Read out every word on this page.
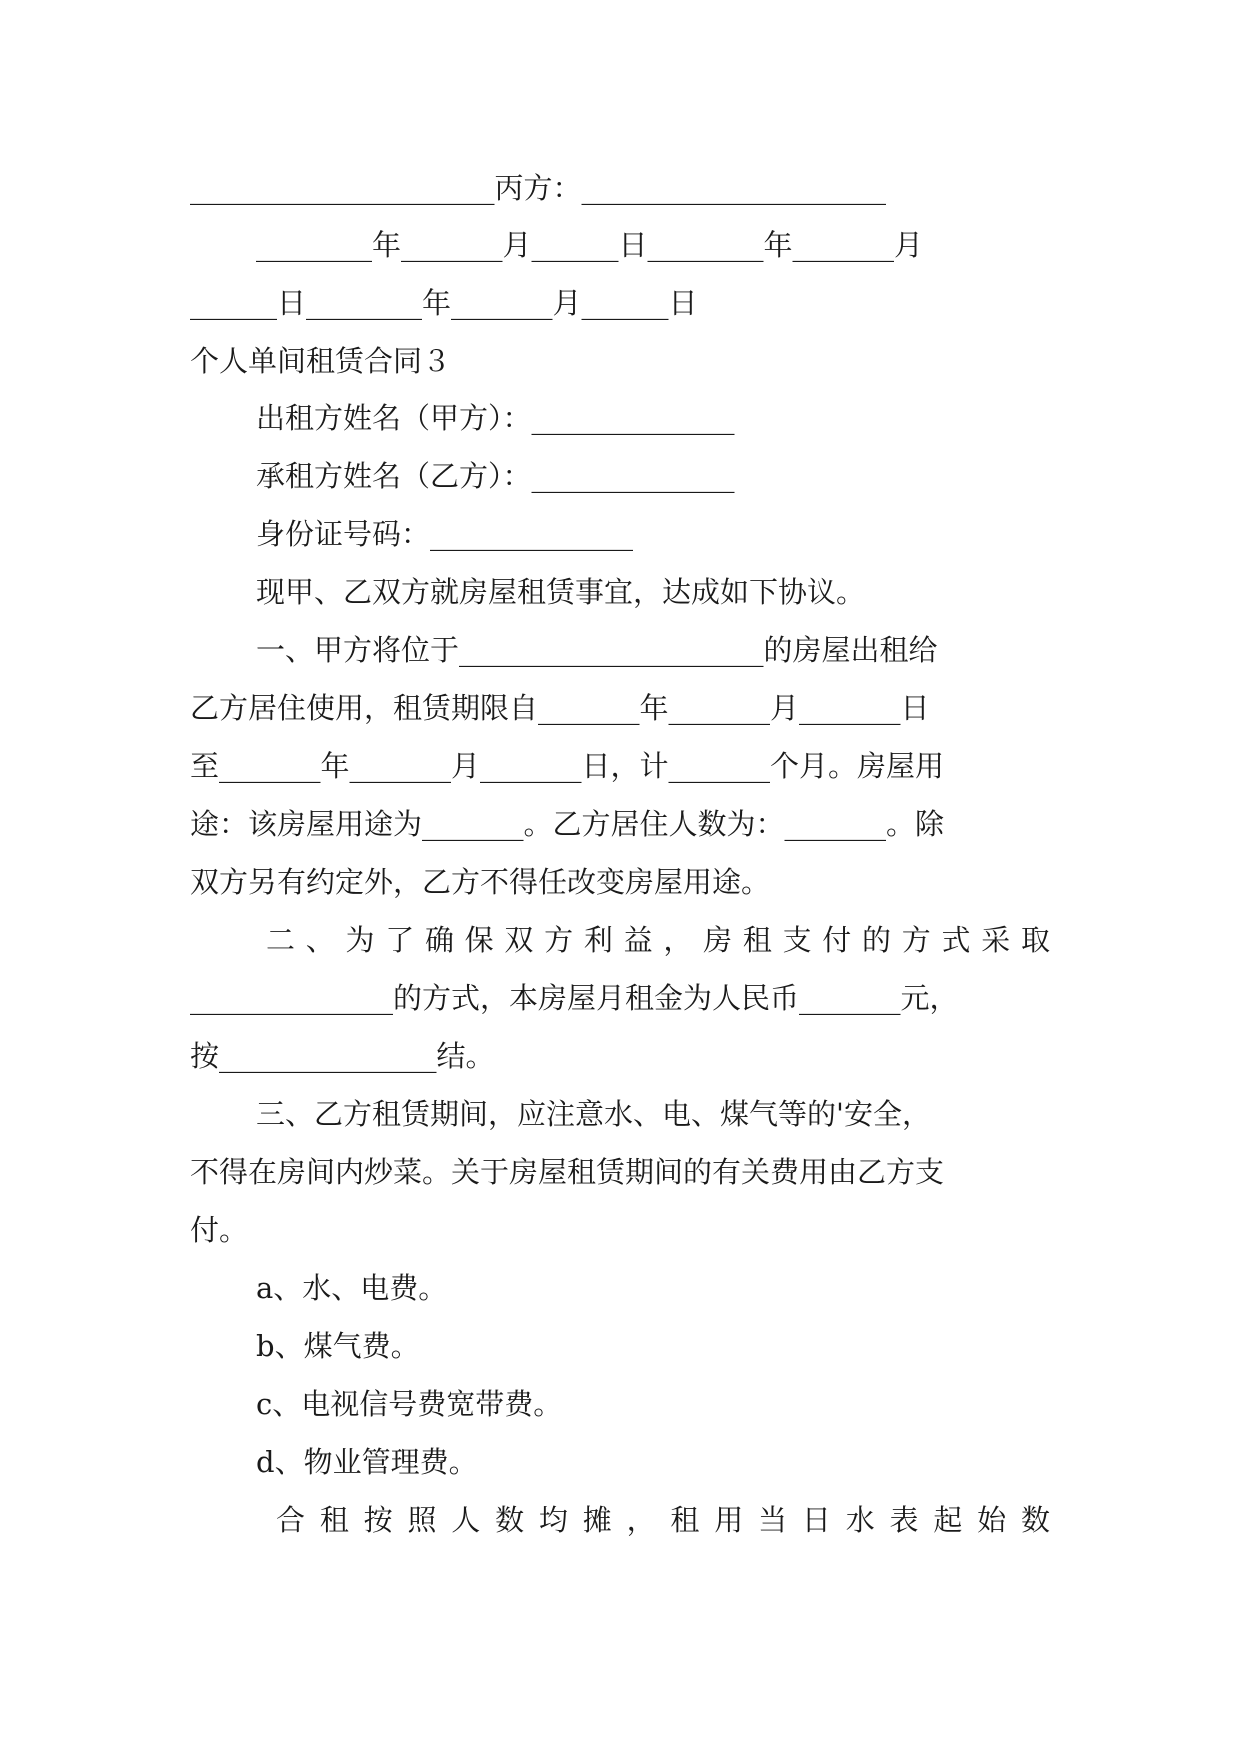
_____________________丙方：_____________________
________年_______月______日________年_______月
______日________年_______月______日
个人单间租赁合同３
出租方姓名（甲方）：______________
承租方姓名（乙方）：______________
身份证号码：______________
现甲、乙双方就房屋租赁事宜，达成如下协议。
一、甲方将位于_____________________的房屋出租给
乙方居住使用，租赁期限自_______年_______月_______日
至_______年_______月_______日，计_______个月。房屋用
途：该房屋用途为_______。乙方居住人数为：_______。除
双方另有约定外，乙方不得任改变房屋用途。
二、为了确保双方利益，房租支付的方式采取
______________的方式，本房屋月租金为人民币_______元，
按_______________结。
三、乙方租赁期间，应注意水、电、煤气等的'安全，
不得在房间内炒菜。关于房屋租赁期间的有关费用由乙方支
付。
a、水、电费。
b、煤气费。
c、电视信号费宽带费。
d、物业管理费。
合租按照人数均摊，租用当日水表起始数
